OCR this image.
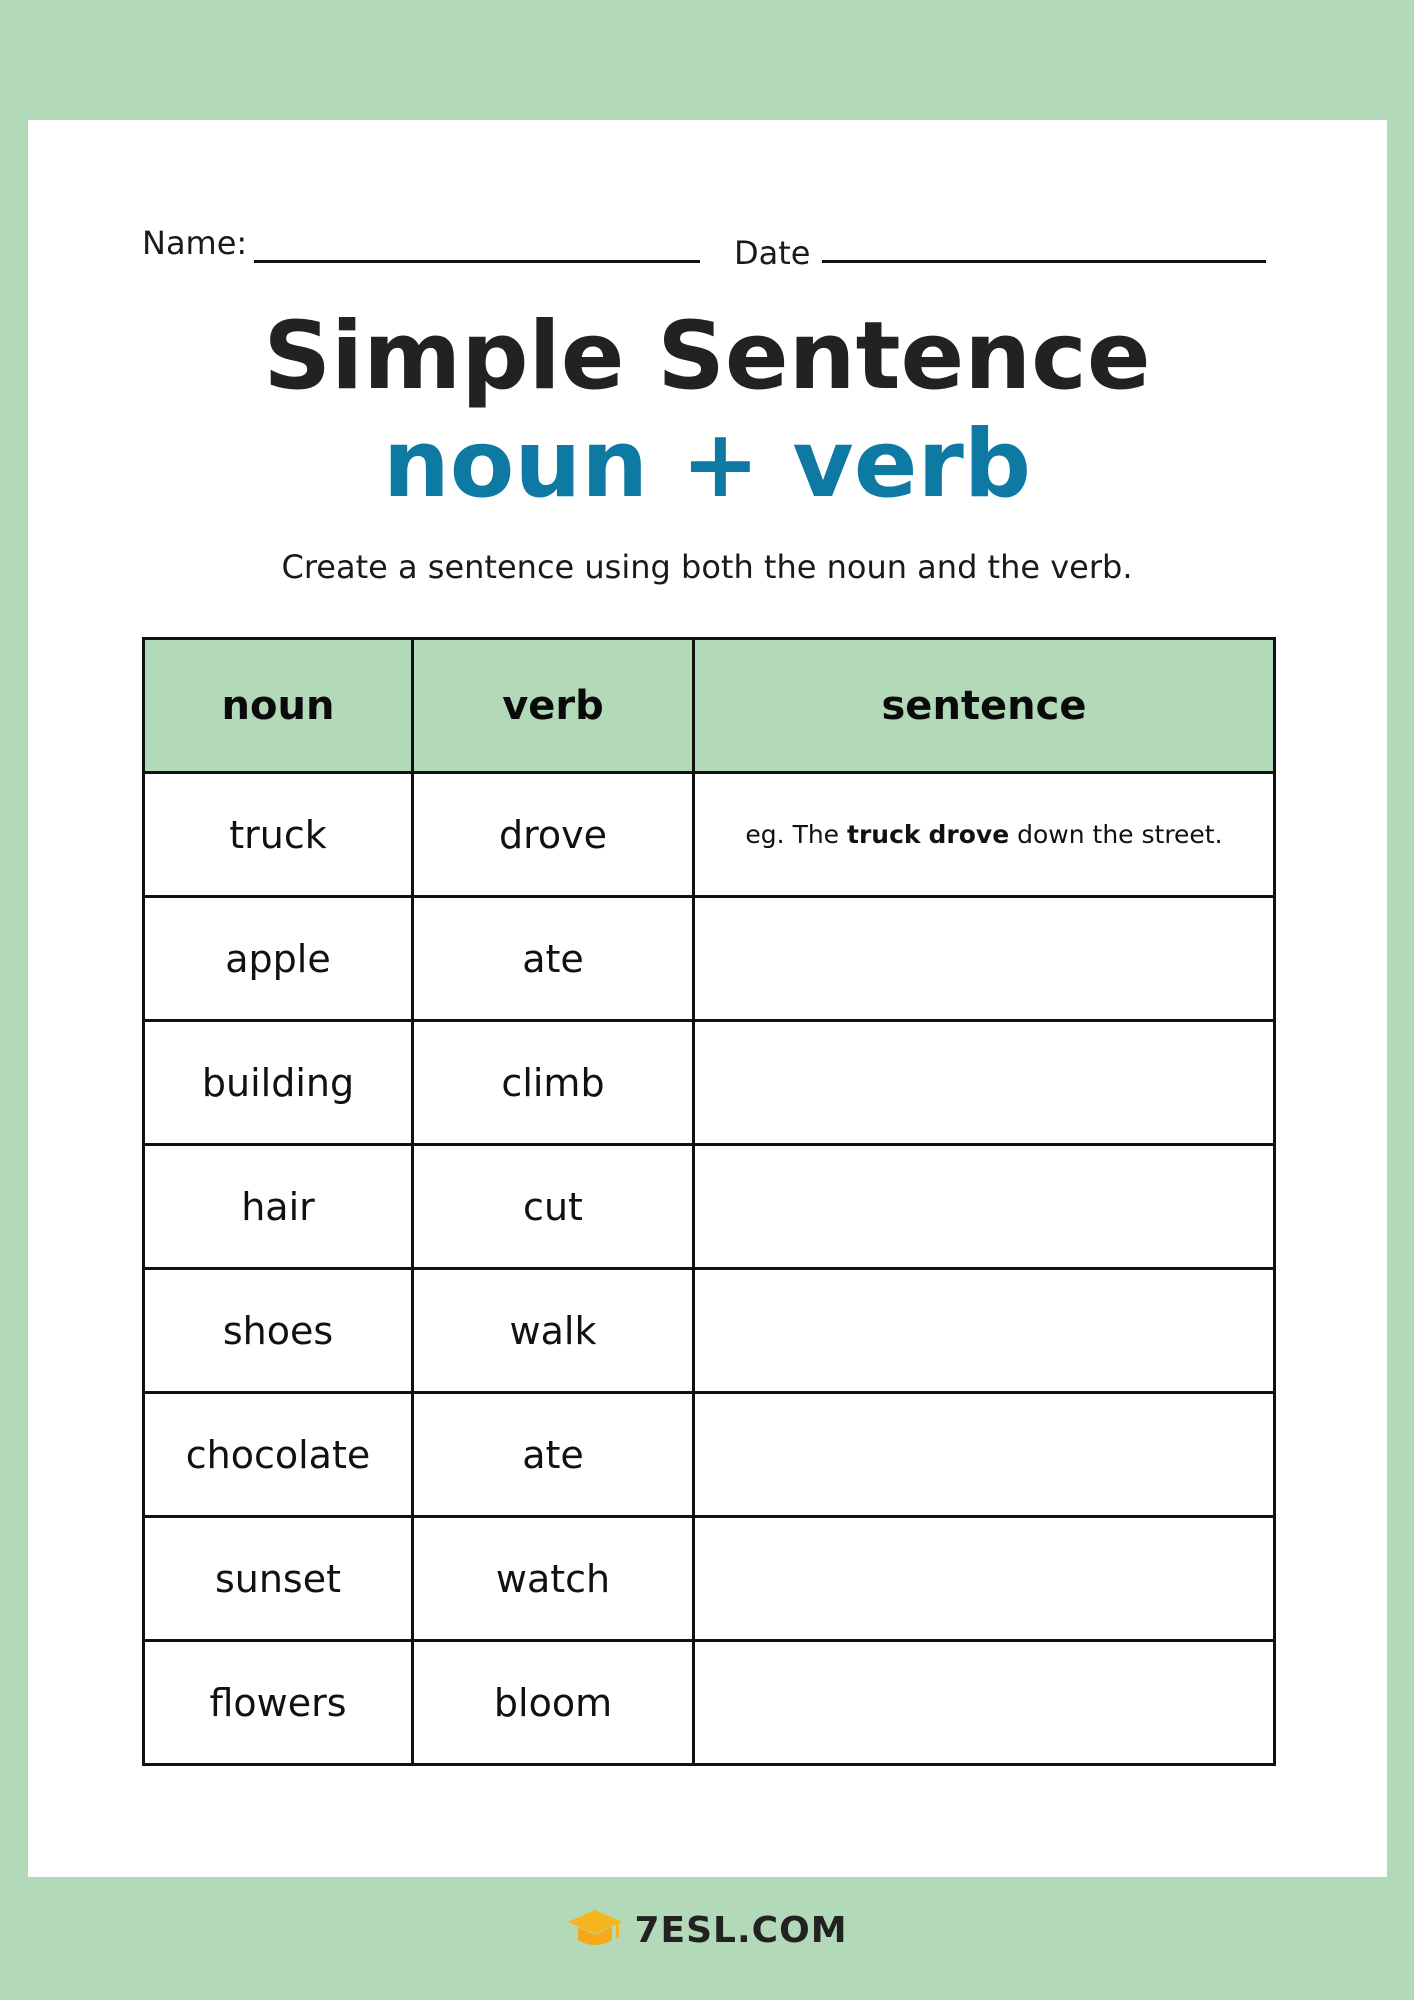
Name:	Date
Simple Sentence
noun + verb
Create a sentence using both the noun and the verb.
noun	verb	sentence
truck	drove	eg. The truck drove down the street.
apple	ate	
building	climb	
hair	cut	
shoes	walk	
chocolate	ate	
sunset	watch	
flowers	bloom	
7ESL.COM
